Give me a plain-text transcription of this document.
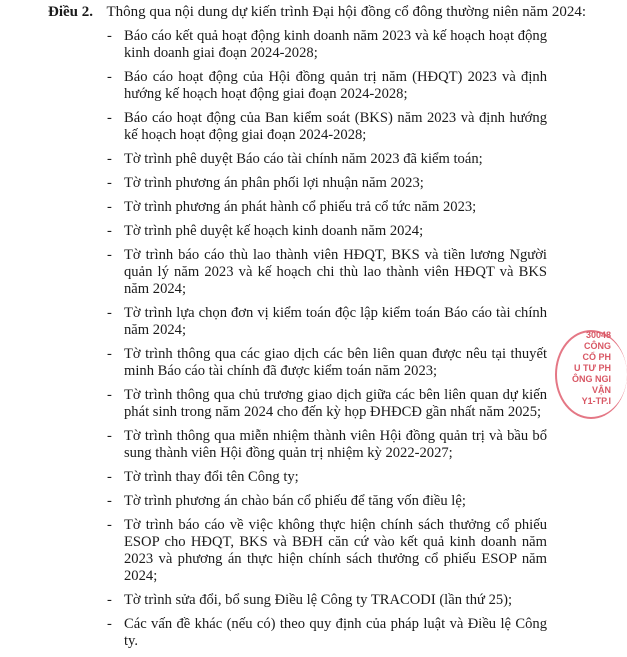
Điều 2. Thông qua nội dung dự kiến trình Đại hội đồng cổ đông thường niên năm 2024:
- Báo cáo kết quả hoạt động kinh doanh năm 2023 và kế hoạch hoạt động kinh doanh giai đoạn 2024-2028;
- Báo cáo hoạt động của Hội đồng quản trị năm (HĐQT) 2023 và định hướng kế hoạch hoạt động giai đoạn 2024-2028;
- Báo cáo hoạt động của Ban kiểm soát (BKS) năm 2023 và định hướng kế hoạch hoạt động giai đoạn 2024-2028;
- Tờ trình phê duyệt Báo cáo tài chính năm 2023 đã kiểm toán;
- Tờ trình phương án phân phối lợi nhuận năm 2023;
- Tờ trình phương án phát hành cổ phiếu trả cổ tức năm 2023;
- Tờ trình phê duyệt kế hoạch kinh doanh năm 2024;
- Tờ trình báo cáo thù lao thành viên HĐQT, BKS và tiền lương Người quản lý năm 2023 và kế hoạch chi thù lao thành viên HĐQT và BKS năm 2024;
- Tờ trình lựa chọn đơn vị kiểm toán độc lập kiểm toán Báo cáo tài chính năm 2024;
- Tờ trình thông qua các giao dịch các bên liên quan được nêu tại thuyết minh Báo cáo tài chính đã được kiểm toán năm 2023;
- Tờ trình thông qua chủ trương giao dịch giữa các bên liên quan dự kiến phát sinh trong năm 2024 cho đến kỳ họp ĐHĐCĐ gần nhất năm 2025;
- Tờ trình thông qua miễn nhiệm thành viên Hội đồng quản trị và bầu bổ sung thành viên Hội đồng quản trị nhiệm kỳ 2022-2027;
- Tờ trình thay đổi tên Công ty;
- Tờ trình phương án chào bán cổ phiếu để tăng vốn điều lệ;
- Tờ trình báo cáo về việc không thực hiện chính sách thưởng cổ phiếu ESOP cho HĐQT, BKS và BĐH căn cứ vào kết quả kinh doanh năm 2023 và phương án thực hiện chính sách thưởng cổ phiếu ESOP năm 2024;
- Tờ trình sửa đổi, bổ sung Điều lệ Công ty TRACODI (lần thứ 25);
- Các vấn đề khác (nếu có) theo quy định của pháp luật và Điều lệ Công ty.
30048
CÔNG
CỔ PH
U TƯ PH
ÔNG NGI
VẬN
Y1-TP.I
